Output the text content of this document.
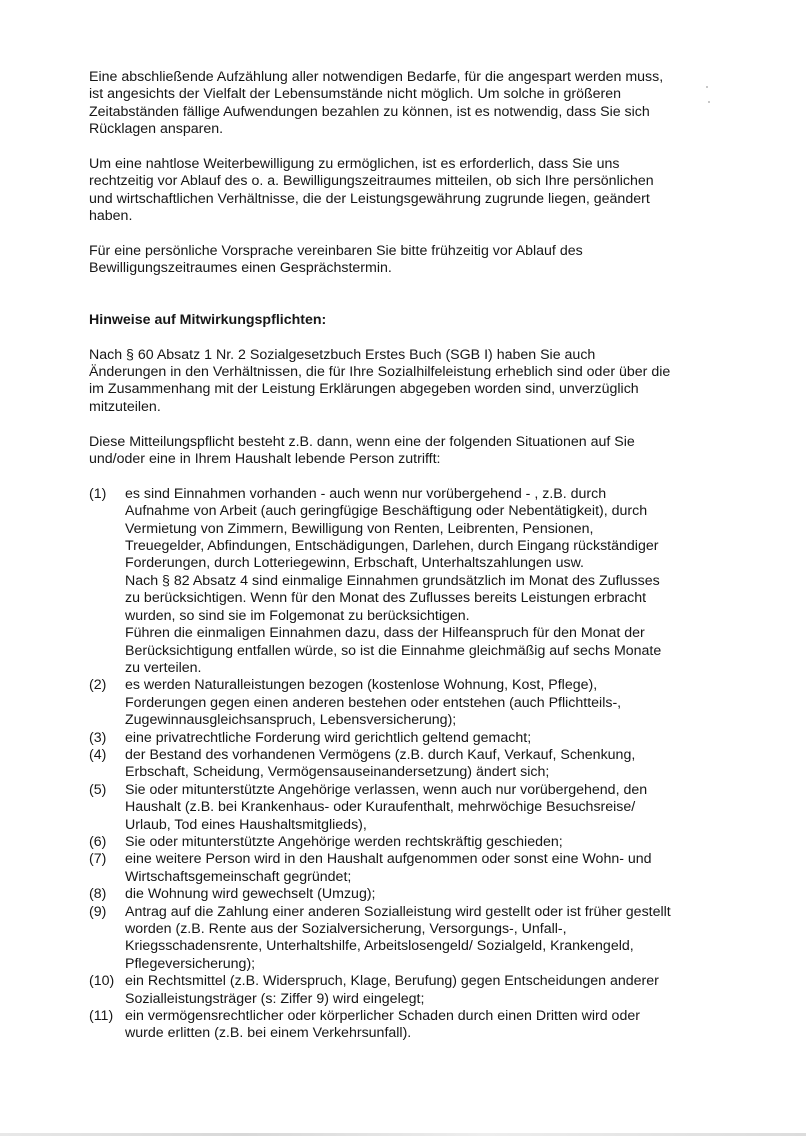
Eine abschließende Aufzählung aller notwendigen Bedarfe, für die angespart werden muss,
ist angesichts der Vielfalt der Lebensumstände nicht möglich. Um solche in größeren
Zeitabständen fällige Aufwendungen bezahlen zu können, ist es notwendig, dass Sie sich
Rücklagen ansparen.

Um eine nahtlose Weiterbewilligung zu ermöglichen, ist es erforderlich, dass Sie uns
rechtzeitig vor Ablauf des o. a. Bewilligungszeitraumes mitteilen, ob sich Ihre persönlichen
und wirtschaftlichen Verhältnisse, die der Leistungsgewährung zugrunde liegen, geändert
haben.

Für eine persönliche Vorsprache vereinbaren Sie bitte frühzeitig vor Ablauf des
Bewilligungszeitraumes einen Gesprächstermin.

Hinweise auf Mitwirkungspflichten:

Nach § 60 Absatz 1 Nr. 2 Sozialgesetzbuch Erstes Buch (SGB I) haben Sie auch
Änderungen in den Verhältnissen, die für Ihre Sozialhilfeleistung erheblich sind oder über die
im Zusammenhang mit der Leistung Erklärungen abgegeben worden sind, unverzüglich
mitzuteilen.

Diese Mitteilungspflicht besteht z.B. dann, wenn eine der folgenden Situationen auf Sie
und/oder eine in Ihrem Haushalt lebende Person zutrifft:

(1)	es sind Einnahmen vorhanden - auch wenn nur vorübergehend - , z.B. durch
Aufnahme von Arbeit (auch geringfügige Beschäftigung oder Nebentätigkeit), durch
Vermietung von Zimmern, Bewilligung von Renten, Leibrenten, Pensionen,
Treuegelder, Abfindungen, Entschädigungen, Darlehen, durch Eingang rückständiger
Forderungen, durch Lotteriegewinn, Erbschaft, Unterhaltszahlungen usw.
Nach § 82 Absatz 4 sind einmalige Einnahmen grundsätzlich im Monat des Zuflusses
zu berücksichtigen. Wenn für den Monat des Zuflusses bereits Leistungen erbracht
wurden, so sind sie im Folgemonat zu berücksichtigen.
Führen die einmaligen Einnahmen dazu, dass der Hilfeanspruch für den Monat der
Berücksichtigung entfallen würde, so ist die Einnahme gleichmäßig auf sechs Monate
zu verteilen.
(2)	es werden Naturalleistungen bezogen (kostenlose Wohnung, Kost, Pflege),
Forderungen gegen einen anderen bestehen oder entstehen (auch Pflichtteils-,
Zugewinnausgleichsanspruch, Lebensversicherung);
(3)	eine privatrechtliche Forderung wird gerichtlich geltend gemacht;
(4)	der Bestand des vorhandenen Vermögens (z.B. durch Kauf, Verkauf, Schenkung,
Erbschaft, Scheidung, Vermögensauseinandersetzung) ändert sich;
(5)	Sie oder mitunterstützte Angehörige verlassen, wenn auch nur vorübergehend, den
Haushalt (z.B. bei Krankenhaus- oder Kuraufenthalt, mehrwöchige Besuchsreise/
Urlaub, Tod eines Haushaltsmitglieds),
(6)	Sie oder mitunterstützte Angehörige werden rechtskräftig geschieden;
(7)	eine weitere Person wird in den Haushalt aufgenommen oder sonst eine Wohn- und
Wirtschaftsgemeinschaft gegründet;
(8)	die Wohnung wird gewechselt (Umzug);
(9)	Antrag auf die Zahlung einer anderen Sozialleistung wird gestellt oder ist früher gestellt
worden (z.B. Rente aus der Sozialversicherung, Versorgungs-, Unfall-,
Kriegsschadensrente, Unterhaltshilfe, Arbeitslosengeld/ Sozialgeld, Krankengeld,
Pflegeversicherung);
(10) ein Rechtsmittel (z.B. Widerspruch, Klage, Berufung) gegen Entscheidungen anderer
Sozialleistungsträger (s: Ziffer 9) wird eingelegt;
(11) ein vermögensrechtlicher oder körperlicher Schaden durch einen Dritten wird oder
wurde erlitten (z.B. bei einem Verkehrsunfall).
